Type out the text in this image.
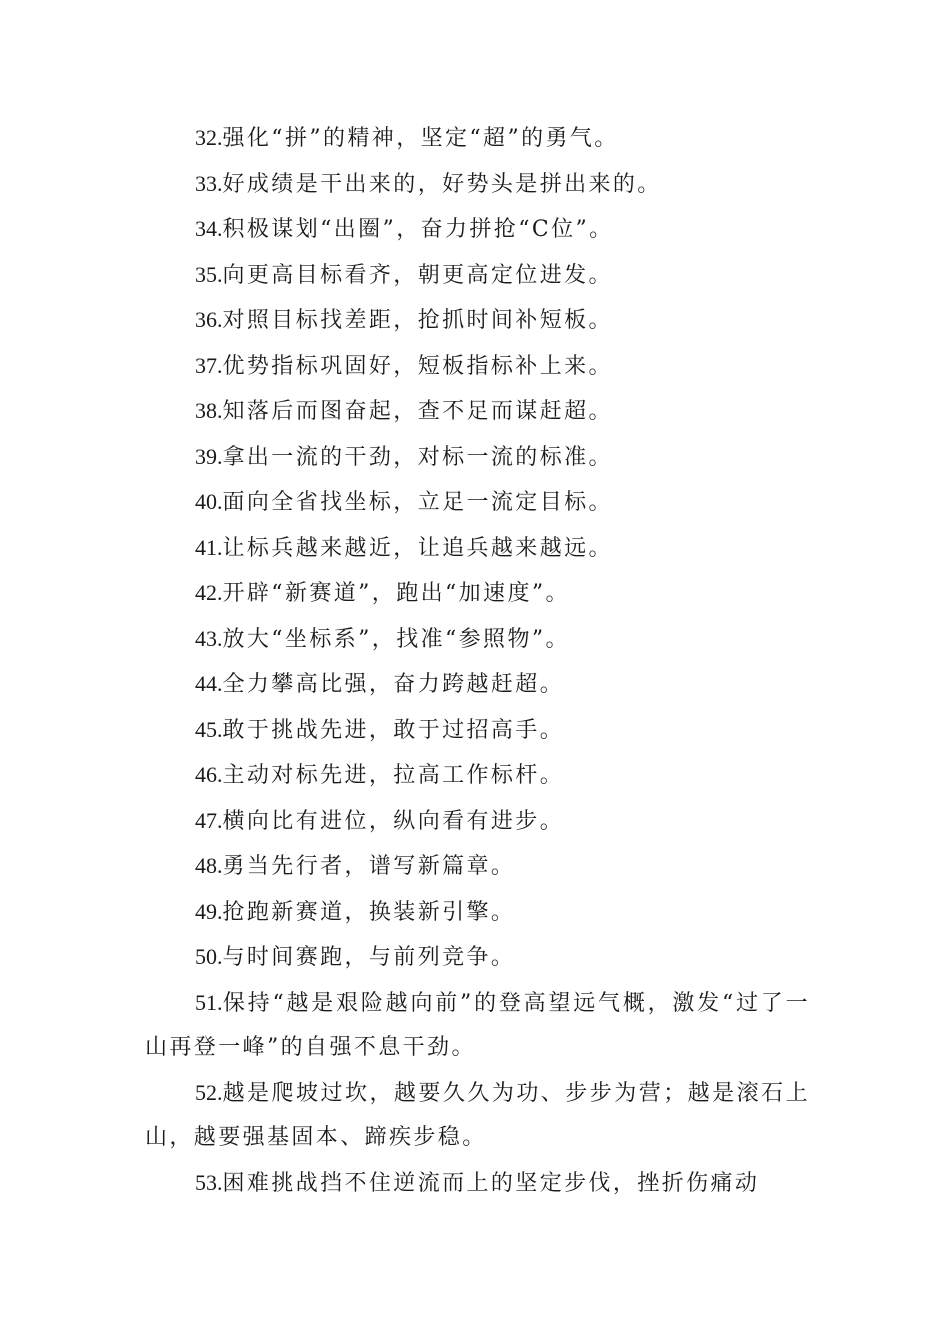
32.强化“拼”的精神，坚定“超”的勇气。

33.好成绩是干出来的，好势头是拼出来的。

34.积极谋划“出圈”，奋力拼抢“C位”。

35.向更高目标看齐，朝更高定位进发。

36.对照目标找差距，抢抓时间补短板。

37.优势指标巩固好，短板指标补上来。

38.知落后而图奋起，查不足而谋赶超。

39.拿出一流的干劲，对标一流的标准。

40.面向全省找坐标，立足一流定目标。

41.让标兵越来越近，让追兵越来越远。

42.开辟“新赛道”，跑出“加速度”。

43.放大“坐标系”，找准“参照物”。

44.全力攀高比强，奋力跨越赶超。

45.敢于挑战先进，敢于过招高手。

46.主动对标先进，拉高工作标杆。

47.横向比有进位，纵向看有进步。

48.勇当先行者，谱写新篇章。

49.抢跑新赛道，换装新引擎。

50.与时间赛跑，与前列竞争。

51.保持“越是艰险越向前”的登高望远气概，激发“过了一山再登一峰”的自强不息干劲。

52.越是爬坡过坎，越要久久为功、步步为营；越是滚石上山，越要强基固本、蹄疾步稳。

53.困难挑战挡不住逆流而上的坚定步伐，挫折伤痛动
